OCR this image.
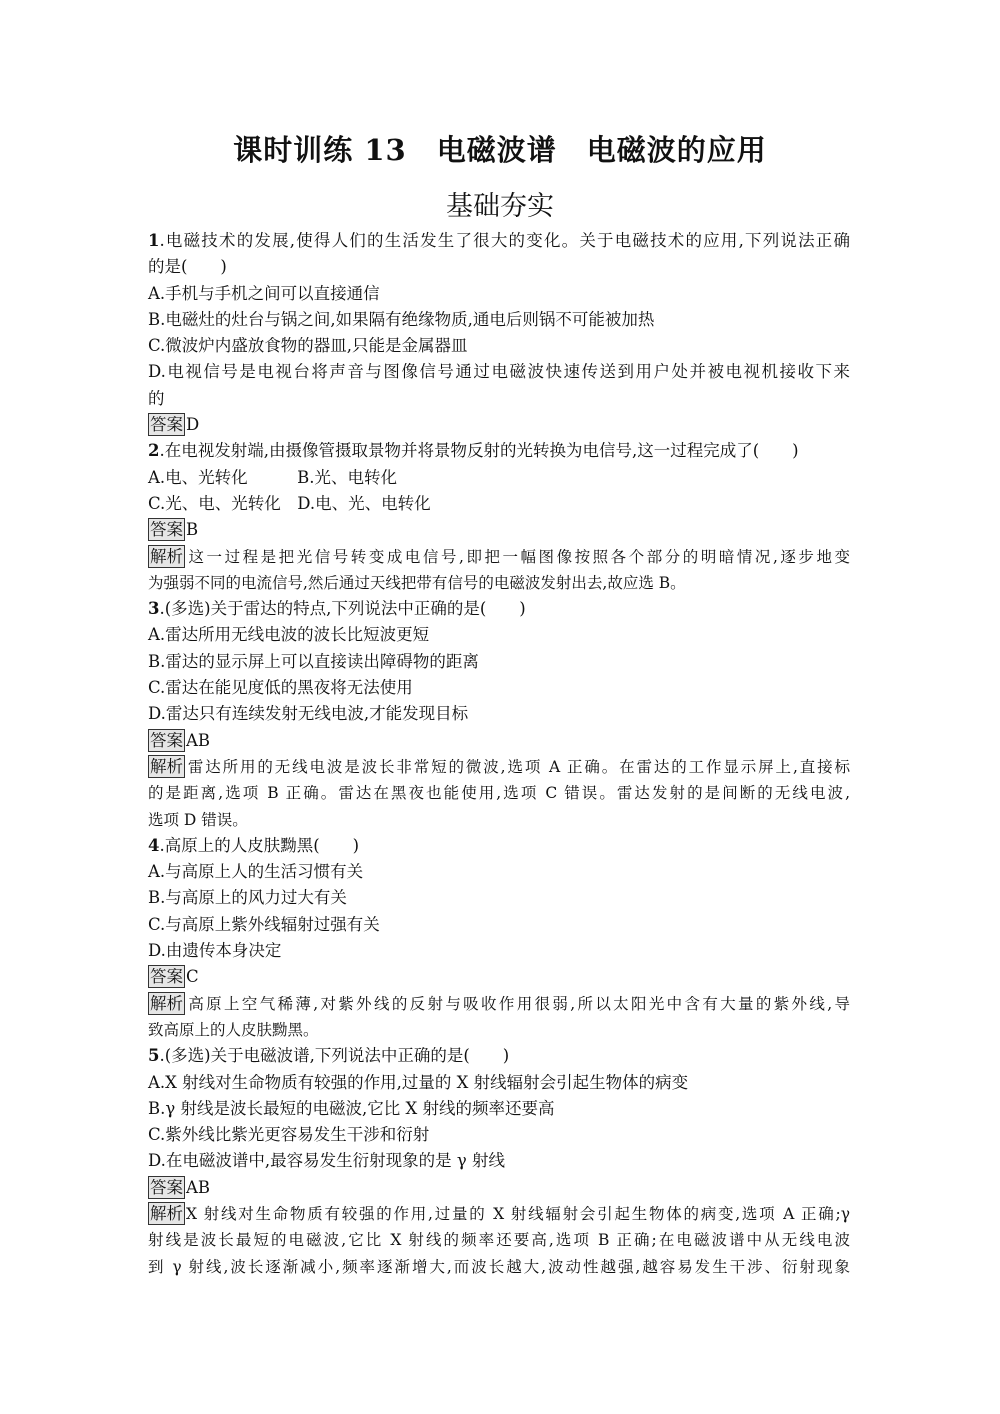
课时训练 13　电磁波谱　电磁波的应用
基础夯实
1.电磁技术的发展,使得人们的生活发生了很大的变化。关于电磁技术的应用,下列说法正确
的是(　　)
A.手机与手机之间可以直接通信
B.电磁灶的灶台与锅之间,如果隔有绝缘物质,通电后则锅不可能被加热
C.微波炉内盛放食物的器皿,只能是金属器皿
D.电视信号是电视台将声音与图像信号通过电磁波快速传送到用户处并被电视机接收下来
的
答案 D
2.在电视发射端,由摄像管摄取景物并将景物反射的光转换为电信号,这一过程完成了(　　)
A.电、光转化　　　B.光、电转化
C.光、电、光转化　D.电、光、电转化
答案 B
解析 这一过程是把光信号转变成电信号,即把一幅图像按照各个部分的明暗情况,逐步地变
为强弱不同的电流信号,然后通过天线把带有信号的电磁波发射出去,故应选 B。
3.(多选)关于雷达的特点,下列说法中正确的是(　　)
A.雷达所用无线电波的波长比短波更短
B.雷达的显示屏上可以直接读出障碍物的距离
C.雷达在能见度低的黑夜将无法使用
D.雷达只有连续发射无线电波,才能发现目标
答案 AB
解析 雷达所用的无线电波是波长非常短的微波,选项 A 正确。在雷达的工作显示屏上,直接标
的是距离,选项 B 正确。雷达在黑夜也能使用,选项 C 错误。雷达发射的是间断的无线电波,
选项 D 错误。
4.高原上的人皮肤黝黑(　　)
A.与高原上人的生活习惯有关
B.与高原上的风力过大有关
C.与高原上紫外线辐射过强有关
D.由遗传本身决定
答案 C
解析 高原上空气稀薄,对紫外线的反射与吸收作用很弱,所以太阳光中含有大量的紫外线,导
致高原上的人皮肤黝黑。
5.(多选)关于电磁波谱,下列说法中正确的是(　　)
A.X 射线对生命物质有较强的作用,过量的 X 射线辐射会引起生物体的病变
B.γ 射线是波长最短的电磁波,它比 X 射线的频率还要高
C.紫外线比紫光更容易发生干涉和衍射
D.在电磁波谱中,最容易发生衍射现象的是 γ 射线
答案 AB
解析 X 射线对生命物质有较强的作用,过量的 X 射线辐射会引起生物体的病变,选项 A 正确;γ
射线是波长最短的电磁波,它比 X 射线的频率还要高,选项 B 正确;在电磁波谱中从无线电波
到 γ 射线,波长逐渐减小,频率逐渐增大,而波长越大,波动性越强,越容易发生干涉、衍射现象
